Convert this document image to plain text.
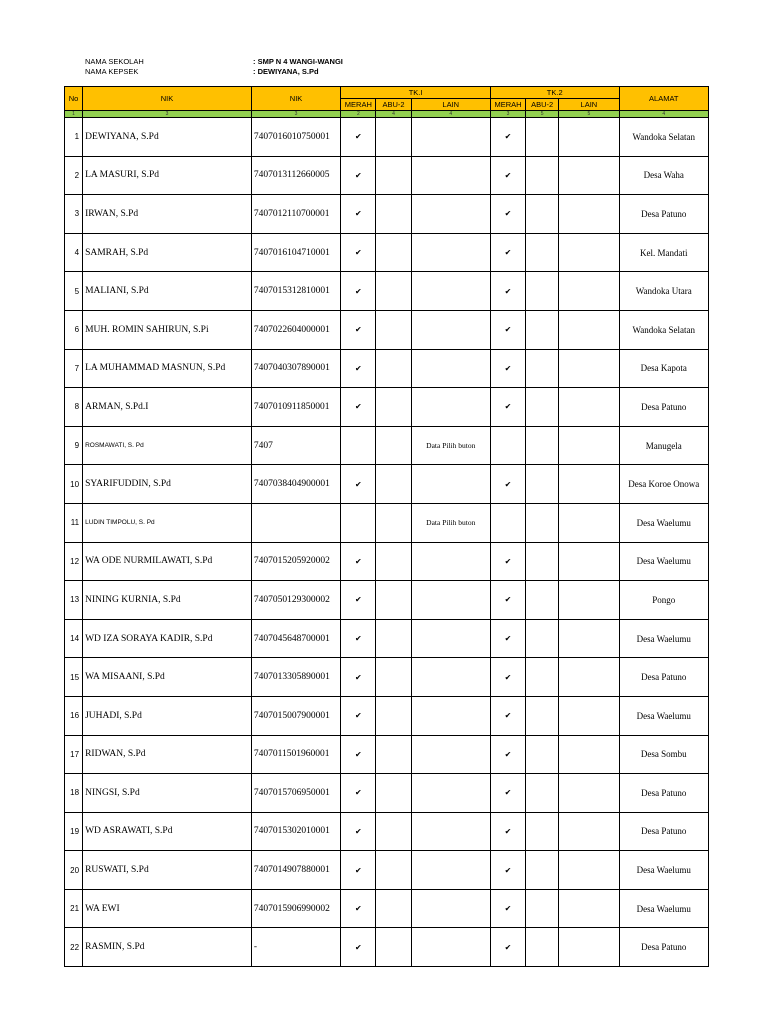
NAMA SEKOLAH	: SMP N 4 WANGI-WANGI
NAMA KEPSEK	: DEWIYANA, S.Pd
No	NIK	NIK	TK.I			TK.2			ALAMAT
			MERAH	ABU-2	LAIN	MERAH	ABU-2	LAIN	
1	3	3	2	4	4	3	5	5	4
1	DEWIYANA, S.Pd	7407016010750001	✔			✔			Wandoka Selatan
2	LA MASURI, S.Pd	7407013112660005	✔			✔			Desa Waha
3	IRWAN, S.Pd	7407012110700001	✔			✔			Desa Patuno
4	SAMRAH, S.Pd	7407016104710001	✔			✔			Kel. Mandati
5	MALIANI, S.Pd	7407015312810001	✔			✔			Wandoka Utara
6	MUH. ROMIN SAHIRUN, S.Pi	7407022604000001	✔			✔			Wandoka Selatan
7	LA MUHAMMAD MASNUN, S.Pd	7407040307890001	✔			✔			Desa Kapota
8	ARMAN, S.Pd.I	7407010911850001	✔			✔			Desa Patuno
9	ROSMAWATI, S. Pd	7407			Data Pilih buton				Manugela
10	SYARIFUDDIN, S.Pd	7407038404900001	✔			✔			Desa Koroe Onowa
11	LUDIN TIMPOLU, S. Pd				Data Pilih buton				Desa Waelumu
12	WA ODE NURMILAWATI, S.Pd	7407015205920002	✔			✔			Desa Waelumu
13	NINING KURNIA, S.Pd	7407050129300002	✔			✔			Pongo
14	WD IZA SORAYA KADIR, S.Pd	7407045648700001	✔			✔			Desa Waelumu
15	WA MISAANI, S.Pd	7407013305890001	✔			✔			Desa Patuno
16	JUHADI, S.Pd	7407015007900001	✔			✔			Desa Waelumu
17	RIDWAN, S.Pd	7407011501960001	✔			✔			Desa Sombu
18	NINGSI, S.Pd	7407015706950001	✔			✔			Desa Patuno
19	WD ASRAWATI, S.Pd	7407015302010001	✔			✔			Desa Patuno
20	RUSWATI, S.Pd	7407014907880001	✔			✔			Desa Waelumu
21	WA EWI	7407015906990002	✔			✔			Desa Waelumu
22	RASMIN, S.Pd	-	✔			✔			Desa Patuno
